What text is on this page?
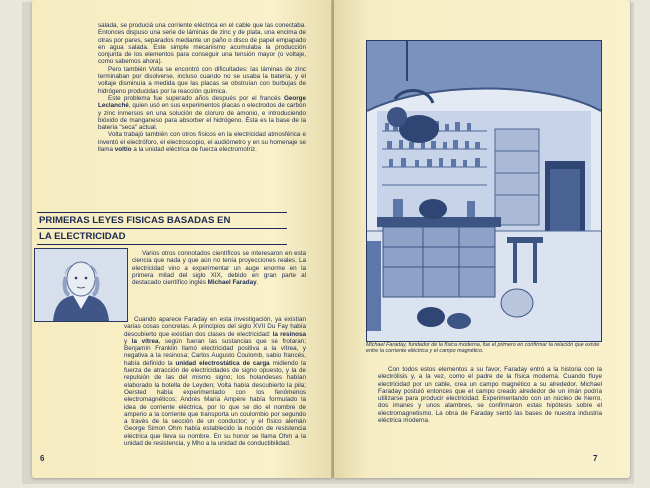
salada, se produciá una corriente eléctrica en el cable que las conectaba. Entonces dispuso una serie de láminas de zinc y de plata, una encima de otras por pares, separados mediante un paño o disco de papel empapado en agua salada. Este simple mecanismo acumulaba la producción conjunta de los elementos para conseguir una tensión mayor (o voltaje, como sabemos ahora).

Pero también Volta se encontró con dificultades: las láminas de zinc terminaban por disolverse, incluso cuando no se usaba la batería, y el voltaje disminuía a medida que las placas se obstruían con burbujas de hidrógeno producidas por la reacción química.

Este problema fue superado años después por el francés George Leclanché, quien usó en sus experimentos placas o electrodos de carbón y zinc inmersos en una solución de cloruro de amonio, e introduciendo bióxido de manganeso para absorber el hidrógeno. Ésta es la base de la batería "seca" actual.

Volta trabajó también con otros físicos en la electricidad atmosférica e inventó el electróforo, el electroscopio, el audiómetro y en su homenaje se llama voltio a la unidad eléctrica de fuerza electromotriz.

PRIMERAS LEYES FISICAS BASADAS EN
LA ELECTRICIDAD

Varios otros connotados científicos se interesaron en esta ciencia que nada y que aún no tenía proyecciones reales. La electricidad vino a experimentar un auge enorme en la primera mitad del siglo XIX, debido en gran parte al destacado científico inglés Michael Faraday.

Cuando aparece Faraday en esta investigación, ya existían varias cosas concretas. A principios del siglo XVII Du Fay había descubierto que existían dos clases de electricidad: la resinosa y la vítrea, según fueran las sustancias que se frotaran; Benjamín Franklin llamó electricidad positiva a la vítrea, y negativa a la resinosa; Carlos Augusto Coulomb, sabio francés, había definido la unidad electrostática de carga midiendo la fuerza de atracción de electricidades de signo opuesto, y la de repulsión de las del mismo signo; los holandeses habían elaborado la botella de Leyden; Volta había descubierto la pila; Oersted había experimentado con los fenómenos electromagnéticos; Andrés María Ampère había formulado la idea de corriente eléctrica, por lo que se dio el nombre de amperio a la corriente que transporta un coulombio por segundo a través de la sección de un conductor; y el físico alemán George Simon Ohm había establecido la noción de resistencia eléctrica que lleva su nombre. En su honor se llama Ohm a la unidad de resistencia, y Mho a la unidad de conductibilidad.

6
Michael Faraday, fundador de la física moderna, fue el primero en confirmar la relación que existe entre la corriente eléctrica y el campo magnético.

Con todos estos elementos a su favor, Faraday entró a la historia con la electrólisis y, a la vez, como el padre de la física moderna. Cuando fluye electricidad por un cable, crea un campo magnético a su alrededor. Michael Faraday postuló entonces que el campo creado alrededor de un imán podría utilizarse para producir electricidad. Experimentando con un núcleo de hierro, dos imanes y unos alambres, se confirmaron estas hipótesis sobre el electromagnetismo. La obra de Faraday sentó las bases de nuestra industria eléctrica moderna.

7
